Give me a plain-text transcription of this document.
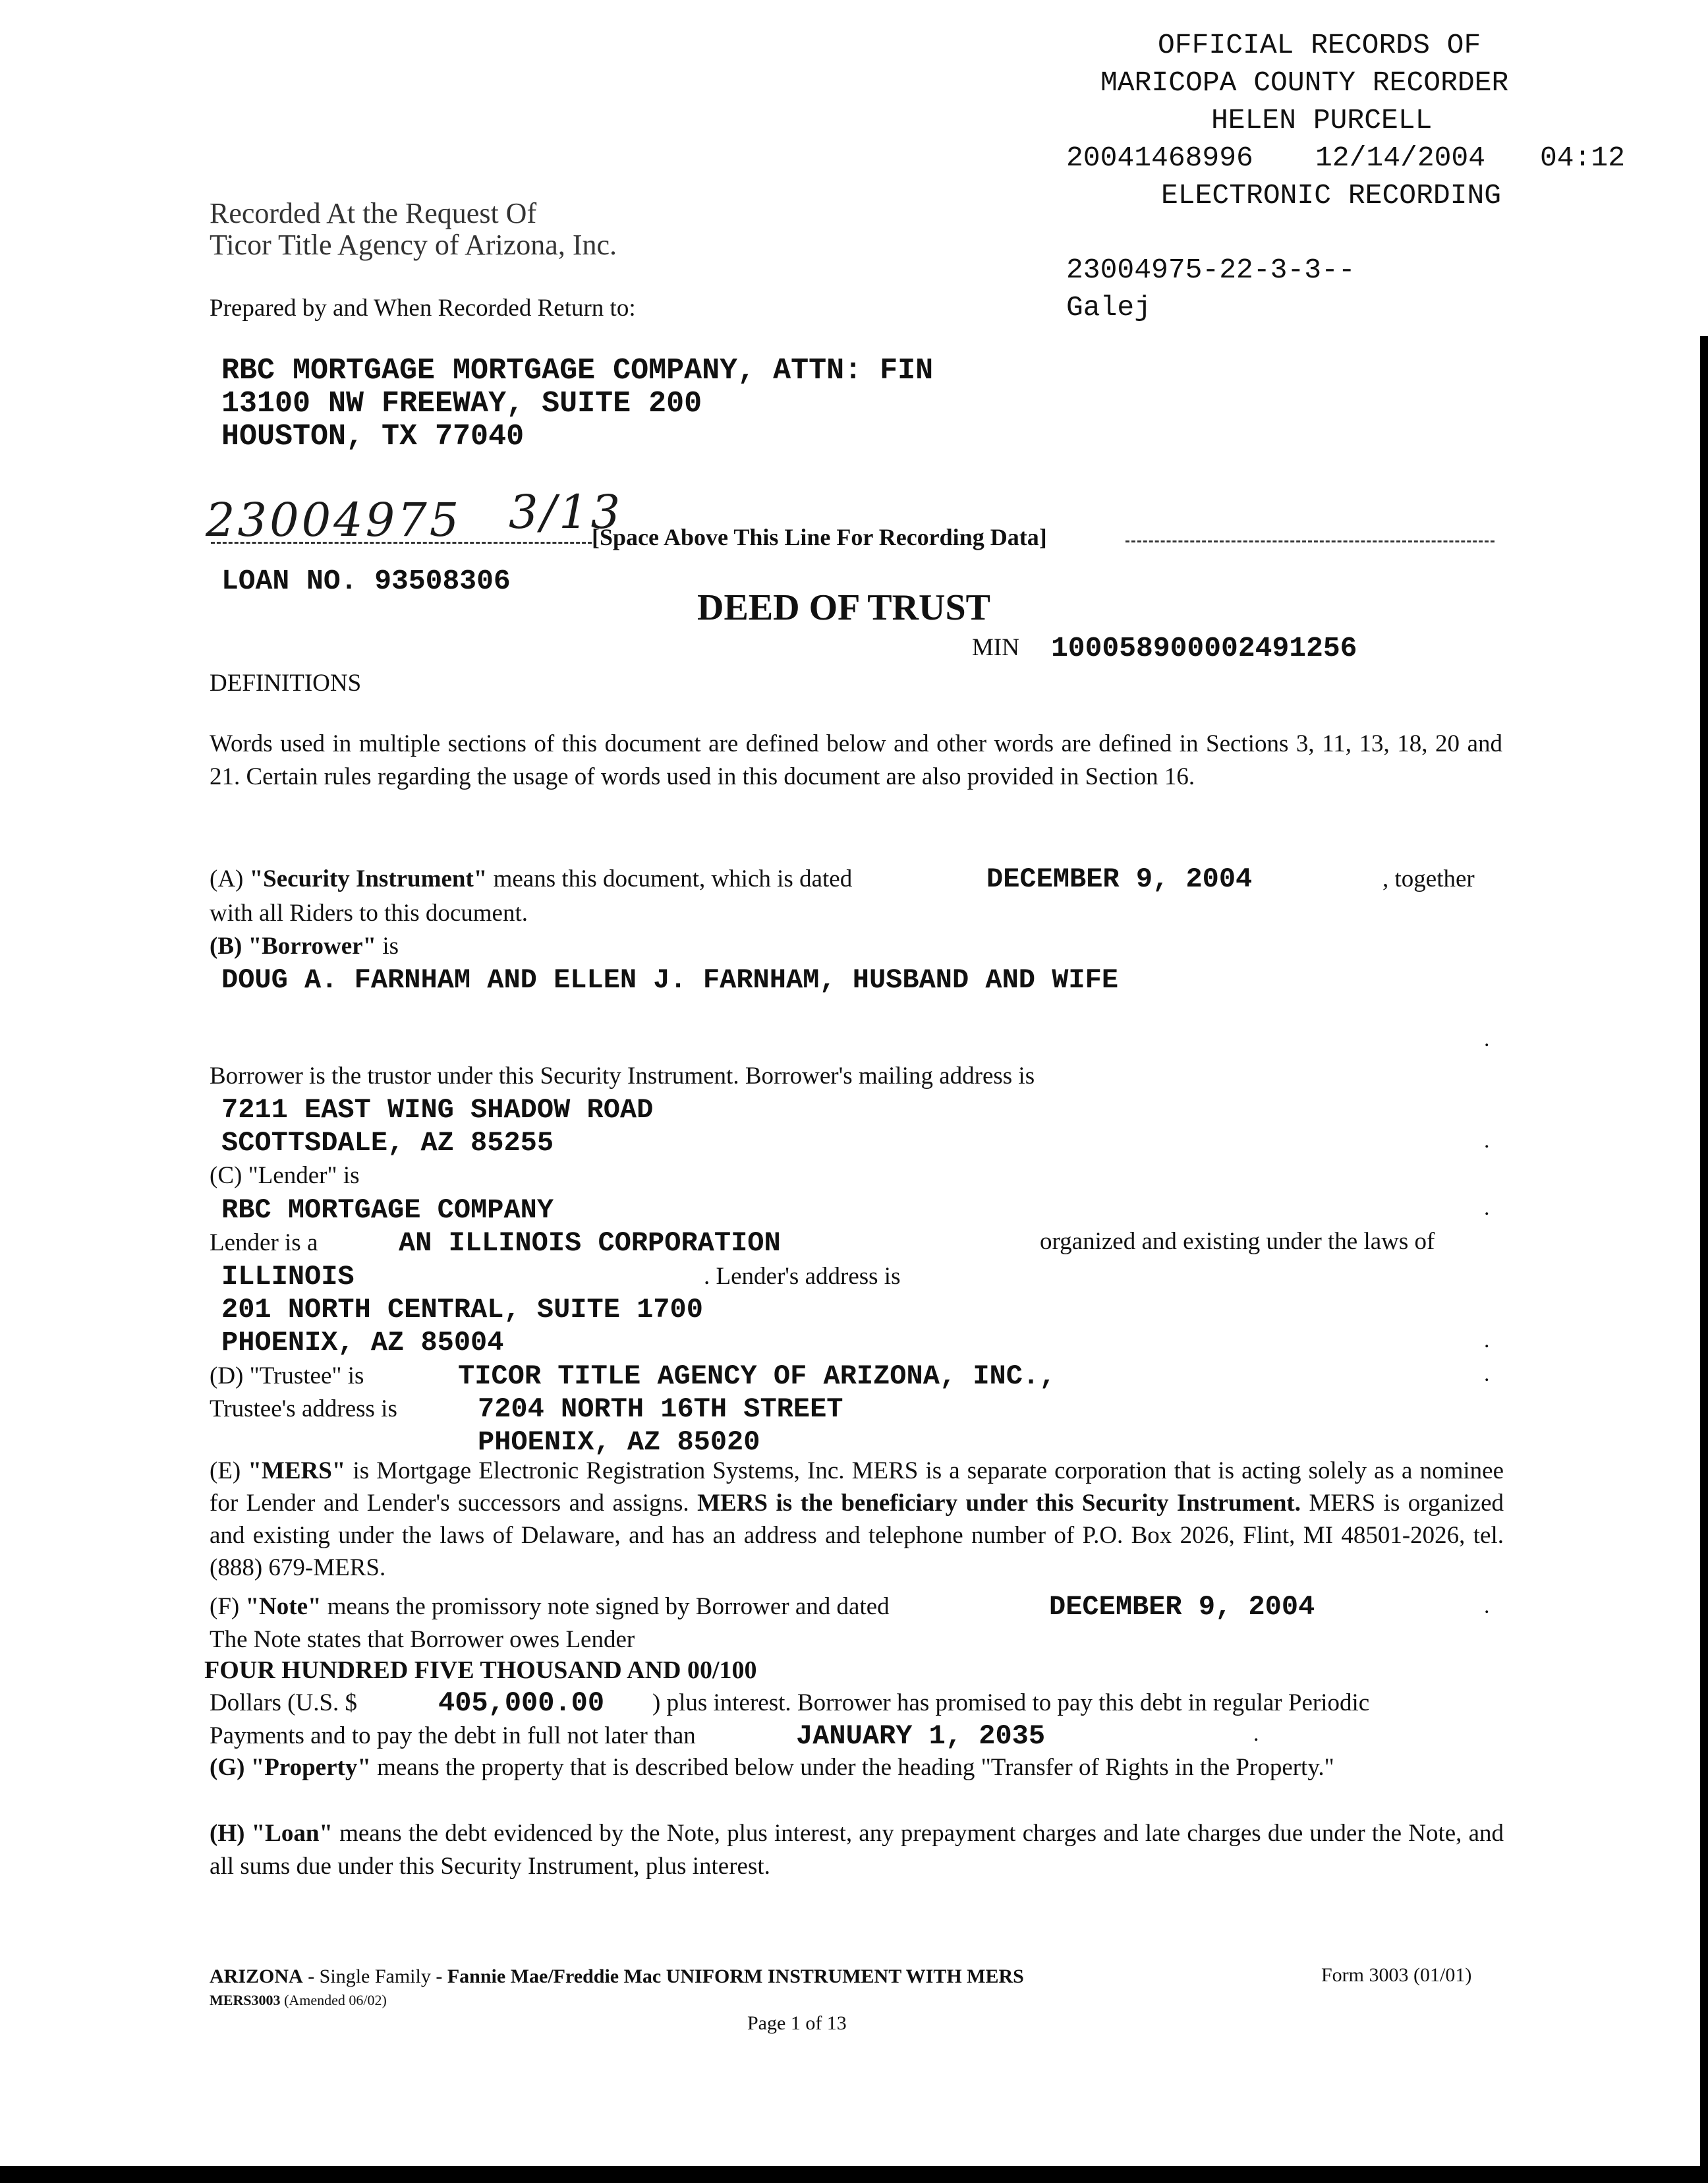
OFFICIAL RECORDS OF
MARICOPA COUNTY RECORDER
HELEN PURCELL
20041468996 12/14/2004 04:12
ELECTRONIC RECORDING
23004975-22-3-3--
Galej
Recorded At the Request Of
Ticor Title Agency of Arizona, Inc.
Prepared by and When Recorded Return to:
RBC MORTGAGE MORTGAGE COMPANY, ATTN: FIN
13100 NW FREEWAY, SUITE 200
HOUSTON, TX 77040
23004975 3/13
[Space Above This Line For Recording Data]
LOAN NO. 93508306
DEED OF TRUST
MIN 100058900002491256
DEFINITIONS
Words used in multiple sections of this document are defined below and other words are defined in Sections 3, 11, 13, 18, 20 and 21. Certain rules regarding the usage of words used in this document are also provided in Section 16.
(A) "Security Instrument" means this document, which is dated	DECEMBER 9, 2004	, together
with all Riders to this document.
(B) "Borrower" is
DOUG A. FARNHAM AND ELLEN J. FARNHAM, HUSBAND AND WIFE
.
Borrower is the trustor under this Security Instrument. Borrower's mailing address is
7211 EAST WING SHADOW ROAD
SCOTTSDALE, AZ 85255	.
(C) "Lender" is
RBC MORTGAGE COMPANY	.
Lender is a	AN ILLINOIS CORPORATION	organized and existing under the laws of
ILLINOIS	. Lender's address is
201 NORTH CENTRAL, SUITE 1700
PHOENIX, AZ 85004	.
(D) "Trustee" is	TICOR TITLE AGENCY OF ARIZONA, INC.,	.
Trustee's address is	7204 NORTH 16TH STREET
PHOENIX, AZ 85020
(E) "MERS" is Mortgage Electronic Registration Systems, Inc. MERS is a separate corporation that is acting solely as a nominee for Lender and Lender's successors and assigns. MERS is the beneficiary under this Security Instrument. MERS is organized and existing under the laws of Delaware, and has an address and telephone number of P.O. Box 2026, Flint, MI 48501-2026, tel. (888) 679-MERS.
(F) "Note" means the promissory note signed by Borrower and dated	DECEMBER 9, 2004	.
The Note states that Borrower owes Lender
FOUR HUNDRED FIVE THOUSAND AND 00/100
Dollars (U.S. $	405,000.00 ) plus interest. Borrower has promised to pay this debt in regular Periodic
Payments and to pay the debt in full not later than	JANUARY 1, 2035	.
(G) "Property" means the property that is described below under the heading "Transfer of Rights in the Property."
(H) "Loan" means the debt evidenced by the Note, plus interest, any prepayment charges and late charges due under the Note, and all sums due under this Security Instrument, plus interest.
ARIZONA - Single Family - Fannie Mae/Freddie Mac UNIFORM INSTRUMENT WITH MERS	Form 3003 (01/01)
MERS3003 (Amended 06/02)
Page 1 of 13
